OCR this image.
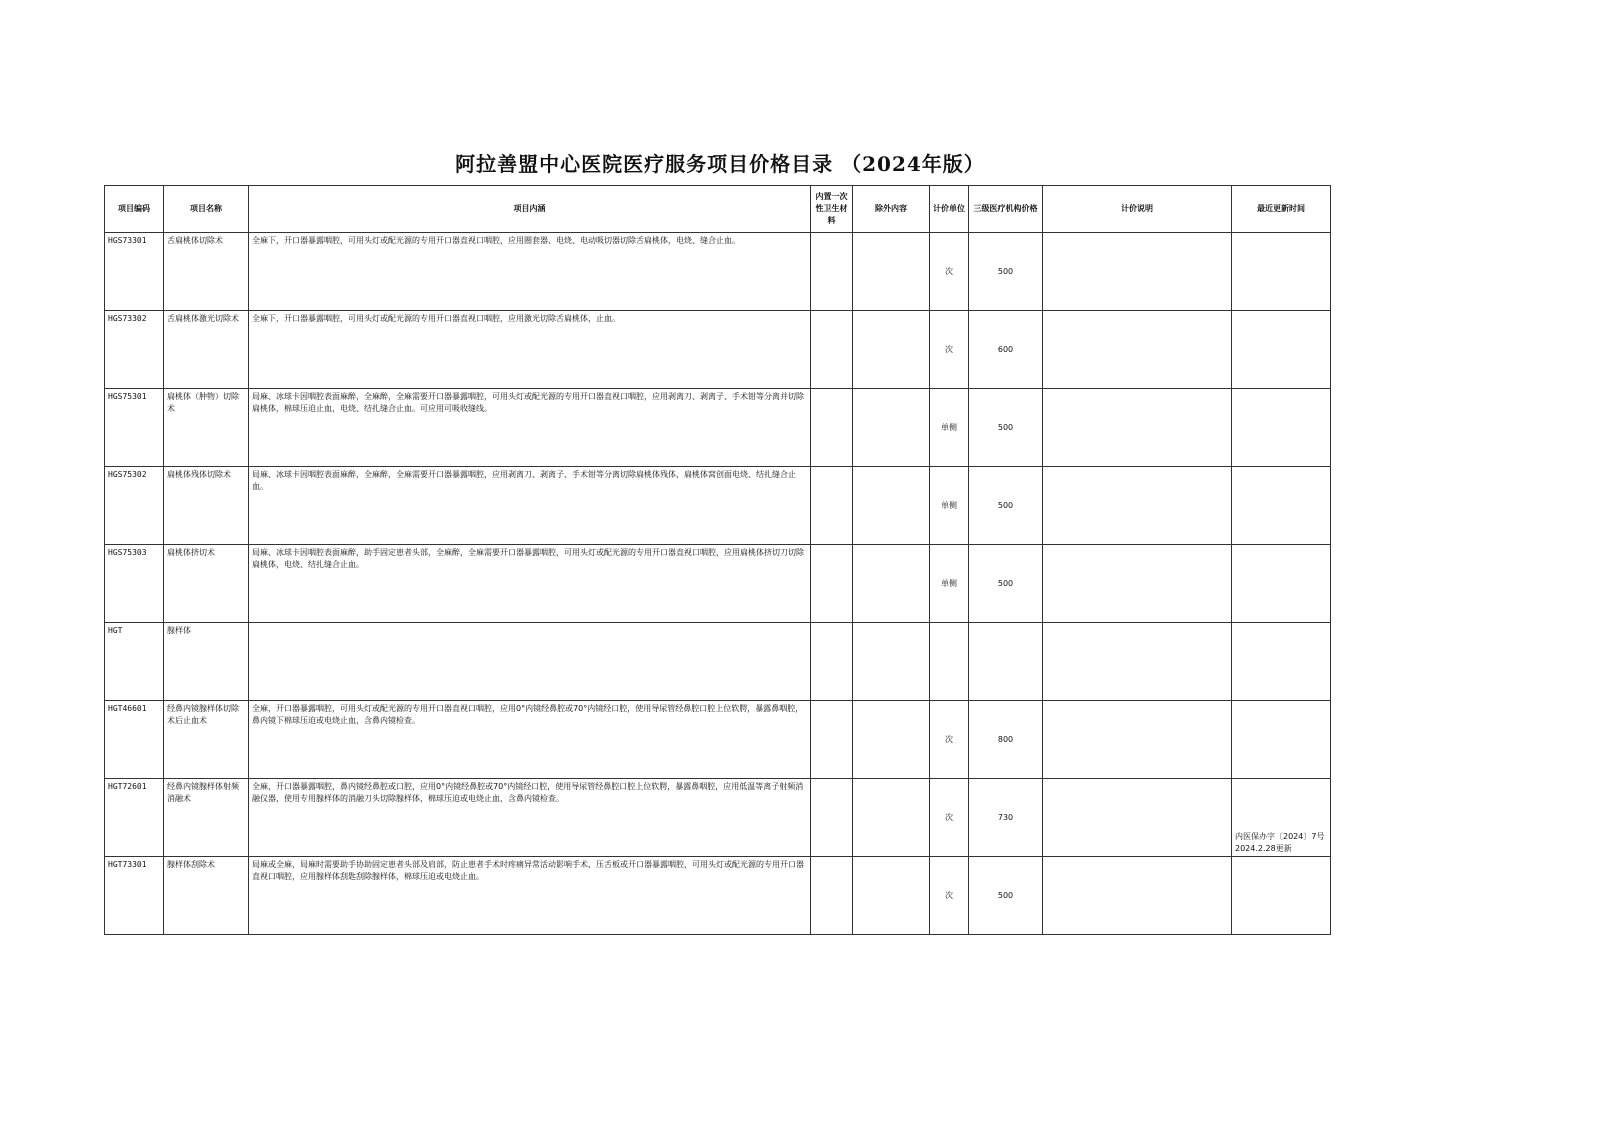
阿拉善盟中心医院医疗服务项目价格目录 （2024年版）
项目编码	项目名称	项目内涵	内置一次性卫生材料	除外内容	计价单位	三级医疗机构价格	计价说明	最近更新时间
HGS73301	舌扁桃体切除术	全麻下，开口器暴露咽腔，可用头灯或配光源的专用开口器直视口咽腔，应用圈套器、电烧、电动吸切器切除舌扁桃体，电烧、缝合止血。			次	500		
HGS73302	舌扁桃体激光切除术	全麻下，开口器暴露咽腔，可用头灯或配光源的专用开口器直视口咽腔，应用激光切除舌扁桃体，止血。			次	600		
HGS75301	扁桃体（肿物）切除术	局麻、冰球卡因咽腔表面麻醉，全麻醉，全麻需要开口器暴露咽腔，可用头灯或配光源的专用开口器直视口咽腔，应用剥离刀、剥离子、手术钳等分离并切除扁桃体，棉球压迫止血，电烧、结扎缝合止血。可应用可吸收缝线。			单侧	500		
HGS75302	扁桃体残体切除术	局麻、冰球卡因咽腔表面麻醉，全麻醉，全麻需要开口器暴露咽腔，应用剥离刀、剥离子、手术钳等分离切除扁桃体残体，扁桃体窝创面电烧、结扎缝合止血。			单侧	500		
HGS75303	扁桃体挤切术	局麻、冰球卡因咽腔表面麻醉，助手固定患者头部，全麻醉，全麻需要开口器暴露咽腔，可用头灯或配光源的专用开口器直视口咽腔，应用扁桃体挤切刀切除扁桃体，电烧、结扎缝合止血。			单侧	500		
HGT	腺样体							
HGT46601	经鼻内镜腺样体切除术后止血术	全麻，开口器暴露咽腔，可用头灯或配光源的专用开口器直视口咽腔，应用0°内镜经鼻腔或70°内镜经口腔，使用导尿管经鼻腔口腔上位软腭，暴露鼻咽腔，鼻内镜下棉球压迫或电烧止血，含鼻内镜检查。			次	800		
HGT72601	经鼻内镜腺样体射频消融术	全麻，开口器暴露咽腔，鼻内镜经鼻腔或口腔，应用0°内镜经鼻腔或70°内镜经口腔，使用导尿管经鼻腔口腔上位软腭，暴露鼻咽腔，应用低温等离子射频消融仪器，使用专用腺样体的消融刀头切除腺样体，棉球压迫或电烧止血，含鼻内镜检查。			次	730		内医保办字〔2024〕7号 2024.2.28更新
HGT73301	腺样体刮除术	局麻或全麻，局麻时需要助手协助固定患者头部及肩部，防止患者手术时疼痛异常活动影响手术，压舌板或开口器暴露咽腔，可用头灯或配光源的专用开口器直视口咽腔，应用腺样体刮匙刮除腺样体，棉球压迫或电烧止血。			次	500		
